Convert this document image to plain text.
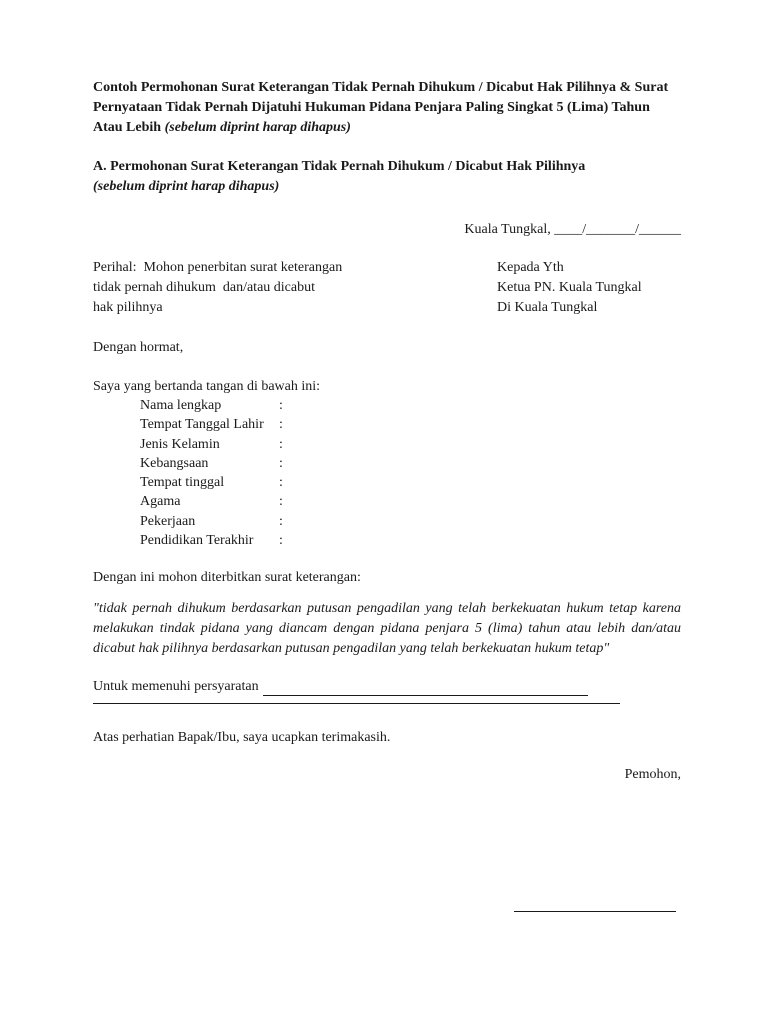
Contoh Permohonan Surat Keterangan Tidak Pernah Dihukum / Dicabut Hak Pilihnya & Surat Pernyataan Tidak Pernah Dijatuhi Hukuman Pidana Penjara Paling Singkat 5 (Lima) Tahun Atau Lebih (sebelum diprint harap dihapus)

A. Permohonan Surat Keterangan Tidak Pernah Dihukum / Dicabut Hak Pilihnya

(sebelum diprint harap dihapus)

Kuala Tungkal, ____/_______/______

Perihal:  Mohon penerbitan surat keterangan
tidak pernah dihukum  dan/atau dicabut
hak pilihnya
Kepada Yth
Ketua PN. Kuala Tungkal
Di Kuala Tungkal

Dengan hormat,

Saya yang bertanda tangan di bawah ini:

Nama lengkap	:
Tempat Tanggal Lahir	:
Jenis Kelamin	:
Kebangsaan	:
Tempat tinggal	:
Agama	:
Pekerjaan	:
Pendidikan Terakhir	:

Dengan ini mohon diterbitkan surat keterangan:

"tidak pernah dihukum berdasarkan putusan pengadilan yang telah berkekuatan hukum tetap karena melakukan tindak pidana yang diancam dengan pidana penjara 5 (lima) tahun atau lebih dan/atau dicabut hak pilihnya berdasarkan putusan pengadilan yang telah berkekuatan hukum tetap"

Untuk memenuhi persyaratan

Atas perhatian Bapak/Ibu, saya ucapkan terimakasih.

Pemohon,
